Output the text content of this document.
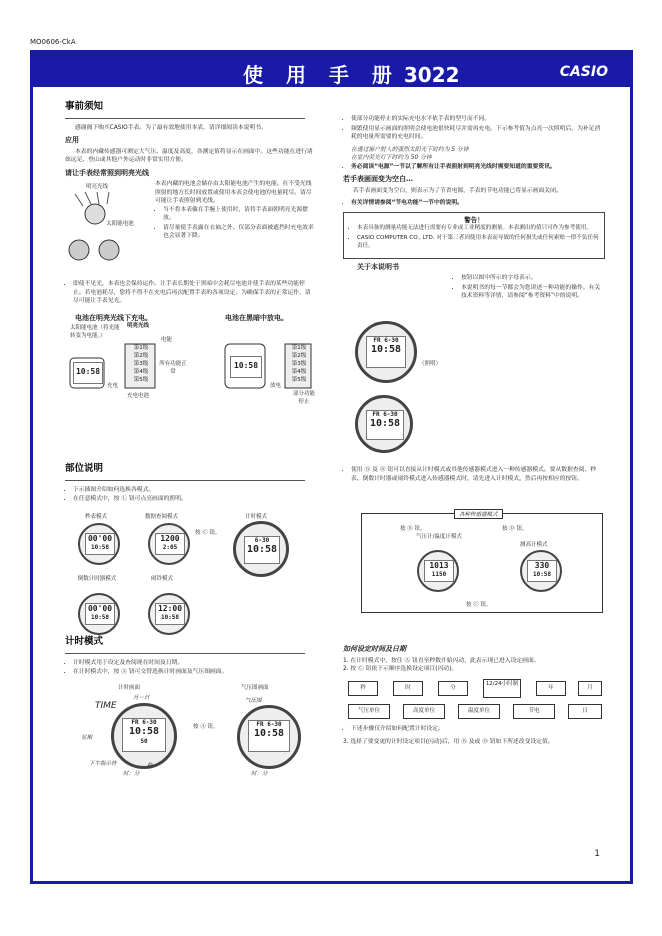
MO0606-CkA
使 用 手 册 3022	CASIO
事前须知
感谢阁下购买CASIO手表。为了最有效地使用本表，请详细阅读本说明书。
应用
本表的内藏传感器可测定大气压、温度及高度，各测定值将显示在画面中。这些功能在进行诸如远足、登山或其他户外运动时非常实用方便。
请让手表经常照到明亮光线
明亮光线
太阳能电池
本表内藏的电池会储存由太阳能电池产生的电能。在不受光线照射的地方长时间放置或使用本表会使电池的电量耗尽。请尽可能让手表照射到光线。
• 当不将本表戴在手腕上使用时，请将手表面朝明亮光源摆放。
• 请尽量使手表露在衣袖之外。仅部分表面被遮挡时充电效率也会显著下降。
• 即使不见光，本表也会保持运作。让手表长期处于黑暗中会耗尽电池并使手表的某些功能停止。若电池耗尽，您将不得不在充电后再次配置手表的各项设定。为确保手表的正常运作，请尽可能让手表见光。
电池在明亮光线下充电。	电池在黑暗中放电。
太阳能电池（将光能转变为电能。）
明亮光线
电能
10:58
10:58
第1级
第2级
第3级
第4级
第5级
第1级
第2级
第3级
第4级
第5级
充电	放电
所有功能正常
部分功能停止
充电电池
部位说明
• 下示插图介绍如何选换各模式。
• 在任意模式中，按 Ⓛ 钮可点亮画面的照明。
秒表模式	数据查阅模式	计时模式
00'00
10:58
1200
2:05
6-30
10:58
按 Ⓒ 钮。
倒数计时器模式	闹铃模式
00'00
10:58
12:00
10:58
计时模式
• 计时模式用于设定及查阅现在时间及日期。
• 在计时模式中，按 Ⓐ 钮可交替选换计时画面及气压图画面。
计时画面	气压图画面
月－日	气压图
TIME
FR 6-30
10:58
50
FR 6-30
10:58
按 Ⓐ 钮。
星期
下午指示符	秒
时：分	时：分
• 使部分功能停止的实际充电水平依手表的型号而不同。
• 频繁使用显示画面的照明会使电池很快耗尽并需再充电。下示参考值为点亮一次照明后，为补足消耗的电量所需要的充电时间。
在透过窗户射入的强烈太阳光下时约为 5 分钟
在室内荧光灯下时约为 50 分钟
• 务必阅读“电源”一节以了解所有让手表照射到明亮光线时需要知道的重要资讯。
若手表画面变为空白…
若手表画面变为空白，则表示为了节省电源，手表的节电功能已将显示画面关闭。
• 有关详情请参阅“节电功能”一节中的说明。
警告！
• 本表具备的测量功能无法进行需要有专业或工业精度的测量。本表测出的值只可作为参考使用。
• CASIO COMPUTER CO., LTD. 对于第三者因使用本表而导致的任何损失或任何索赔一律不负任何责任。
关于本说明书
• 按钮以图中所示的字母表示。
• 本说明书的每一节都会为您讲述一种功能的操作。有关技术资料等详情，请参阅“参考资料”中的说明。
FR 6-30
10:58
（照明）
FR 6-30
10:58
• 使用 Ⓑ 及 Ⓓ 钮可以直接从计时模式或其他传感器模式进入一种传感器模式。要从数据查阅、秒表、倒数计时器或闹铃模式进入传感器模式时，请先进入计时模式，然后再按相应的按钮。
各种传感器模式
按 Ⓑ 钮。	按 Ⓓ 钮。
气压计/温度计模式
测高计模式
1013
1150
330
10:58
按 Ⓒ 钮。
如何设定时间及日期
1. 在计时模式中，按住 Ⓐ 钮直至秒数开始闪动，此表示现已进入设定画面。
2. 按 Ⓒ 钮依下示顺序选换设定项目(闪动)。
秒	时	分
12/24小时制
年	月
气压单位	高度单位	温度单位	节电	日
• 下述步骤仅介绍如何配置计时设定。
3. 选择了要变更的计时设定项目(闪动)后，用 Ⓑ 及或 Ⓓ 钮如下所述改变设定值。
1
